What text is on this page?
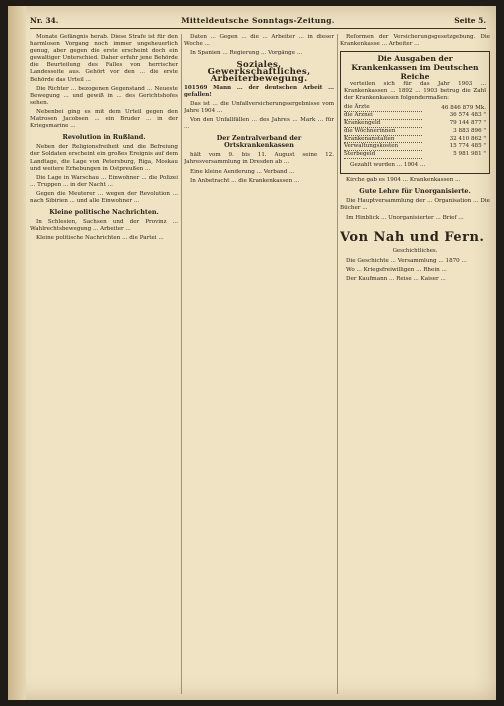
Nr. 34.	Mitteldeutsche Sonntags-Zeitung.	Seite 5.

Monate Gefängnis herab. Diese Strafe ist für den harmlosen Vorgang noch immer ungeheuerlich genug, aber gegen die erste erscheint doch ein gewaltiger Unterschied. Daher erfuhr jene Behörde die Beurteilung des Falles von herrischer Landesseite aus. Gehört vor den ... die erste Behörde das Urteil ...

Die Richter ... bezogenen Gegenstand ... Neueste Bewegung ... und gewiß in ... des Gerichtshofes sehen.

Nebenbei ging es mit dem Urteil gegen den Matrosen Jacobsen ... ein Bruder ... in der Kriegsmarine ...

Revolution in Rußland.

Neben der Religionsfreiheit und die Befreiung der Soldaten erscheint ein großes Ereignis auf dem Landtage, die Lage von Petersburg, Riga, Moskau und weitere Erhebungen in Ostpreußen ...

Die Lage in Warschau ... Einwohner ... die Polizei ... Truppen ... in der Nacht ...

Gegen die Meuterer ... wegen der Revolution ... nach Sibirien ... und alle Einwohner ...

Kleine politische Nachrichten.

In Schlesien, Sachsen und der Provinz ... Wahlrechtsbewegung ... Arbeiter ...

Kleine politische Nachrichten ... die Partei ...

Daten ... Gegen ... die ... Arbeiter ... in dieser Woche ...

In Spanien ... Regierung ... Vorgänge ...

Soziales, Gewerkschaftliches, Arbeiterbewegung.

101569 Mann ... der deutschen Arbeit ... gefallen!

Das ist ... die Unfallversicherungsergebnisse vom Jahre 1904 ...

Von den Unfallfällen ... des Jahres ... Mark ... für ...

Der Zentralverband der Ortskrankenkassen

hält vom 9. bis 11. August seine 12. Jahresversammlung in Dresden ab ...

Eine kleine Aenderung ... Verband ...

In Anbetracht ... die Krankenkassen ...

Reformen der Versicherungsgesetzgebung. Die Krankenkasse ... Arbeiter ...

Die Ausgaben der Krankenkassen im Deutschen Reiche

verteilen sich für das Jahr 1903 ... Krankenkassen ... 1892 ... 1903 betrug die Zahl der Krankenkassen folgendermaßen:

die Ärzte	46 846 879 Mk.
die Arznei	36 574 483 "
Krankengeld	79 144 877 "
die Wöchnerinnen	3 883 896 "
Krankenanstalten	32 410 862 "
Verwaltungskosten	15 774 485 "
Sterbegeld	5 981 981 "

Gezahlt wurden ... 1904 ...

Kirche gab es 1904 ... Krankenkassen ...

Gute Lehre für Unorganisierte.

Die Hauptversammlung der ... Organisation ... Die Bücher ...

Im Hinblick ... Unorganisierter ... Brief ...

Von Nah und Fern.
Geschichtliches.

Die Geschichte ... Versammlung ... 1870 ...

Wo ... Kriegsfreiwilligen ... Rhein ...

Der Kaufmann ... Reise ... Kaiser ...
